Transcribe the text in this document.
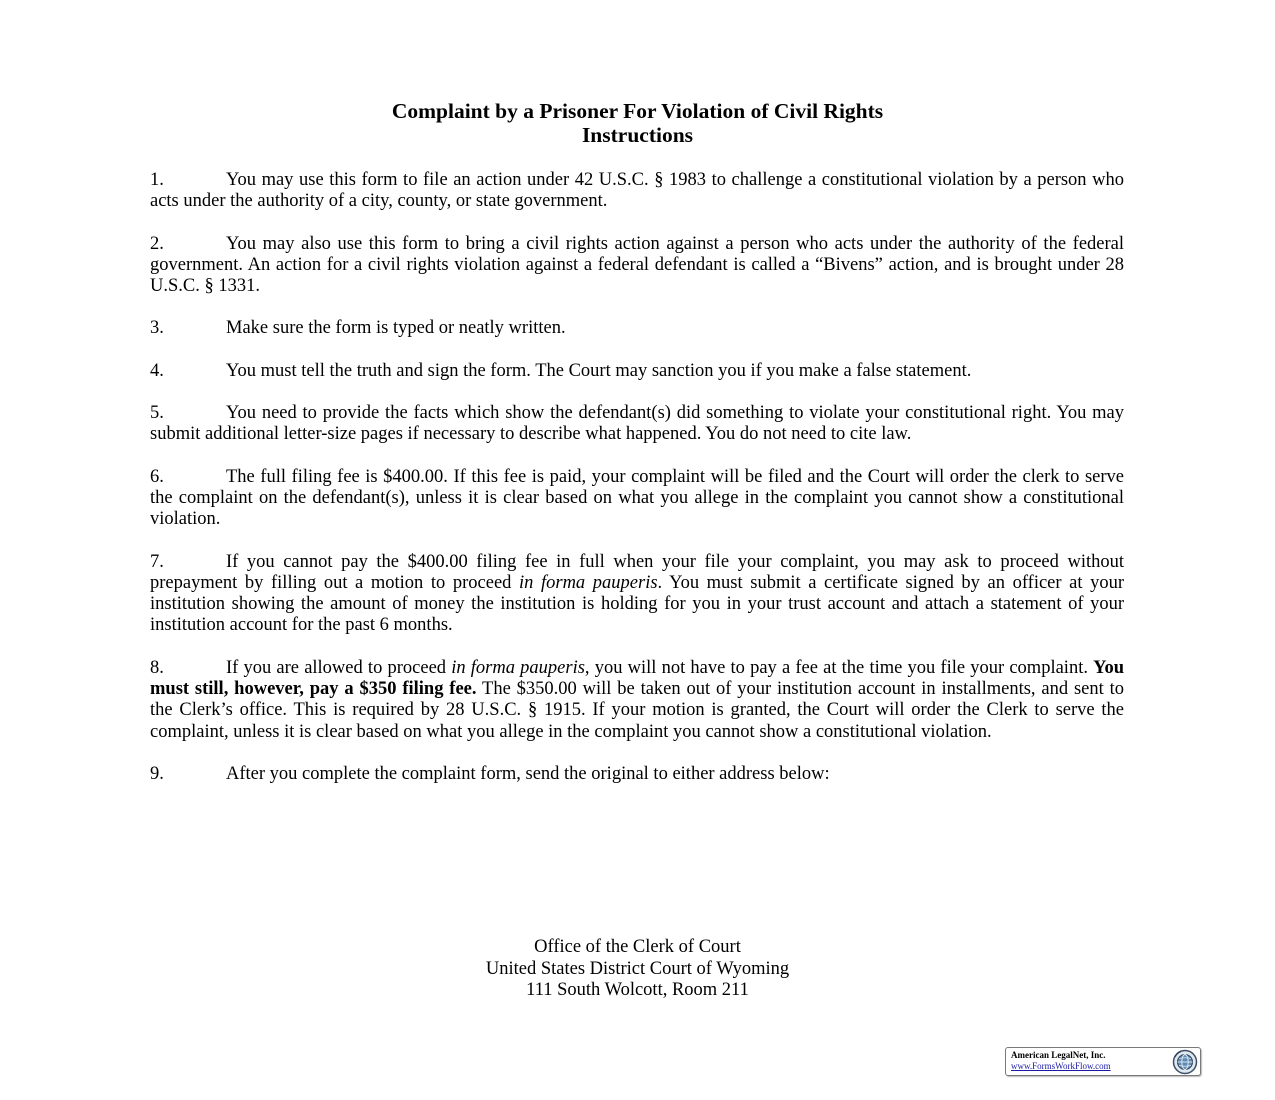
Complaint by a Prisoner For Violation of Civil Rights
Instructions

1.	You may use this form to file an action under 42 U.S.C. § 1983 to challenge a constitutional violation by a person who acts under the authority of a city, county, or state government.

2.	You may also use this form to bring a civil rights action against a person who acts under the authority of the federal government. An action for a civil rights violation against a federal defendant is called a “Bivens” action, and is brought under 28 U.S.C. § 1331.

3.	Make sure the form is typed or neatly written.

4.	You must tell the truth and sign the form. The Court may sanction you if you make a false statement.

5.	You need to provide the facts which show the defendant(s) did something to violate your constitutional right. You may submit additional letter-size pages if necessary to describe what happened. You do not need to cite law.

6.	The full filing fee is $400.00. If this fee is paid, your complaint will be filed and the Court will order the clerk to serve the complaint on the defendant(s), unless it is clear based on what you allege in the complaint you cannot show a constitutional violation.

7.	If you cannot pay the $400.00 filing fee in full when your file your complaint, you may ask to proceed without prepayment by filling out a motion to proceed in forma pauperis. You must submit a certificate signed by an officer at your institution showing the amount of money the institution is holding for you in your trust account and attach a statement of your institution account for the past 6 months.

8.	If you are allowed to proceed in forma pauperis, you will not have to pay a fee at the time you file your complaint. You must still, however, pay a $350 filing fee. The $350.00 will be taken out of your institution account in installments, and sent to the Clerk’s office. This is required by 28 U.S.C. § 1915. If your motion is granted, the Court will order the Clerk to serve the complaint, unless it is clear based on what you allege in the complaint you cannot show a constitutional violation.

9.	After you complete the complaint form, send the original to either address below:

Office of the Clerk of Court
United States District Court of Wyoming
111 South Wolcott, Room 211
American LegalNet, Inc.
www.FormsWorkFlow.com
